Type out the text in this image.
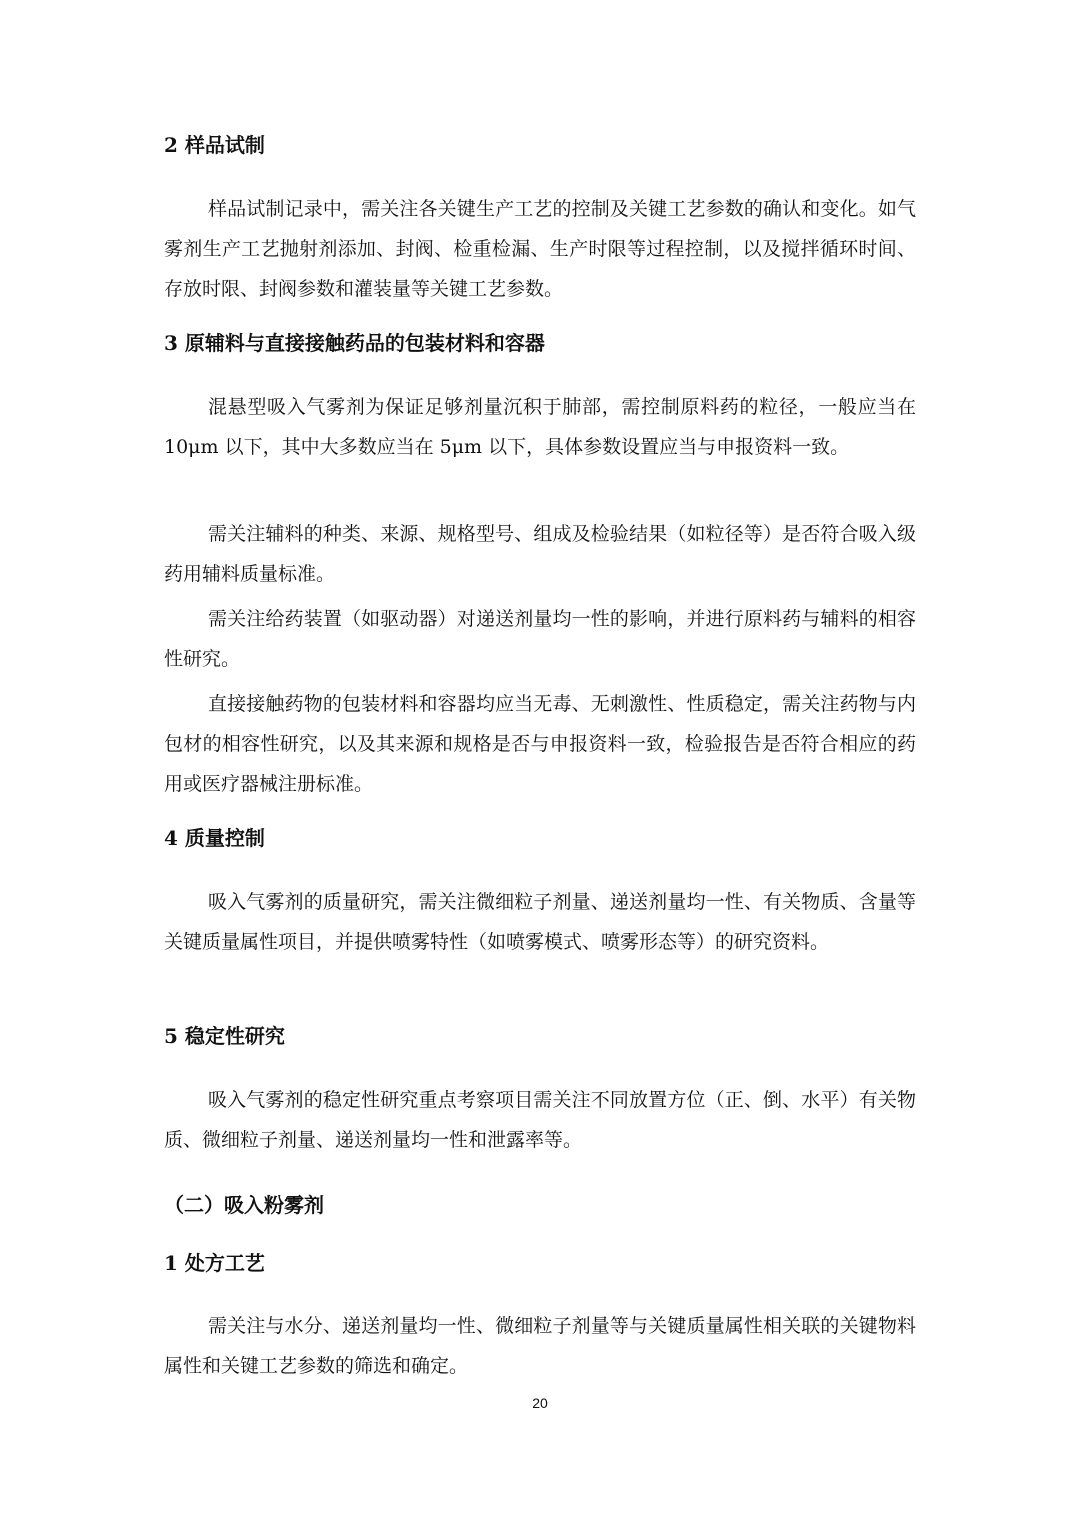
2 样品试制

样品试制记录中，需关注各关键生产工艺的控制及关键工艺参数的确认和变化。如气雾剂生产工艺抛射剂添加、封阀、检重检漏、生产时限等过程控制，以及搅拌循环时间、存放时限、封阀参数和灌装量等关键工艺参数。

3 原辅料与直接接触药品的包装材料和容器

混悬型吸入气雾剂为保证足够剂量沉积于肺部，需控制原料药的粒径，一般应当在 10μm 以下，其中大多数应当在 5μm 以下，具体参数设置应当与申报资料一致。

需关注辅料的种类、来源、规格型号、组成及检验结果（如粒径等）是否符合吸入级药用辅料质量标准。

需关注给药装置（如驱动器）对递送剂量均一性的影响，并进行原料药与辅料的相容性研究。

直接接触药物的包装材料和容器均应当无毒、无刺激性、性质稳定，需关注药物与内包材的相容性研究，以及其来源和规格是否与申报资料一致，检验报告是否符合相应的药用或医疗器械注册标准。

4 质量控制

吸入气雾剂的质量研究，需关注微细粒子剂量、递送剂量均一性、有关物质、含量等关键质量属性项目，并提供喷雾特性（如喷雾模式、喷雾形态等）的研究资料。

5 稳定性研究

吸入气雾剂的稳定性研究重点考察项目需关注不同放置方位（正、倒、水平）有关物质、微细粒子剂量、递送剂量均一性和泄露率等。

（二）吸入粉雾剂
1 处方工艺

需关注与水分、递送剂量均一性、微细粒子剂量等与关键质量属性相关联的关键物料属性和关键工艺参数的筛选和确定。

20
